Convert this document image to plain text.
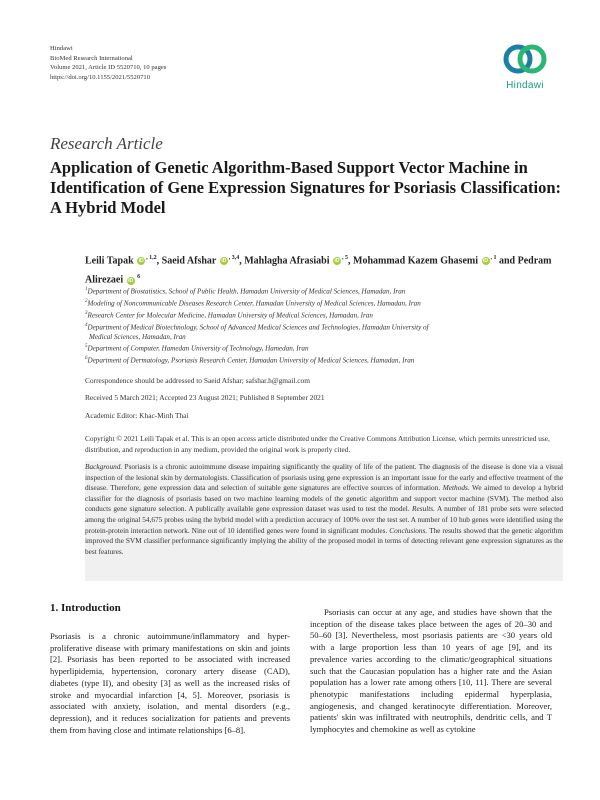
Hindawi
BioMed Research International
Volume 2021, Article ID 5520710, 10 pages
https://doi.org/10.1155/2021/5520710
Hindawi
Research Article
Application of Genetic Algorithm-Based Support Vector Machine in Identification of Gene Expression Signatures for Psoriasis Classification: A Hybrid Model
Leili Tapak $iD^{, 1,2}$, Saeid Afshar $iD^{, 3,4}$, Mahlagha Afrasiabi $iD^{, 5}$, Mohammad Kazem Ghasemi $iD^{, 1}$ and Pedram Alirezaei iD $^6$
$^1$Department of Biostatistics, School of Public Health, Hamadan University of Medical Sciences, Hamadan, Iran
$^2$Modeling of Noncommunicable Diseases Research Center, Hamadan University of Medical Sciences, Hamadan, Iran
$^3$Research Center for Molecular Medicine, Hamadan University of Medical Sciences, Hamadan, Iran
$^4$Department of Medical Biotechnology, School of Advanced Medical Sciences and Technologies, Hamadan University of
Medical Sciences, Hamadan, Iran
$^5$Department of Computer, Hamedan University of Technology, Hamedan, Iran
$^6$Department of Dermatology, Psoriasis Research Center, Hamadan University of Medical Sciences, Hamadan, Iran
Correspondence should be addressed to Saeid Afshar; safshar.h@gmail.com
Received 5 March 2021; Accepted 23 August 2021; Published 8 September 2021
Academic Editor: Khac-Minh Thai
Copyright © 2021 Leili Tapak et al. This is an open access article distributed under the Creative Commons Attribution License, which permits unrestricted use, distribution, and reproduction in any medium, provided the original work is properly cited.
Background. Psoriasis is a chronic autoimmune disease impairing significantly the quality of life of the patient. The diagnosis of the disease is done via a visual inspection of the lesional skin by dermatologists. Classification of psoriasis using gene expression is an important issue for the early and effective treatment of the disease. Therefore, gene expression data and selection of suitable gene signatures are effective sources of information. Methods. We aimed to develop a hybrid classifier for the diagnosis of psoriasis based on two machine learning models of the genetic algorithm and support vector machine (SVM). The method also conducts gene signature selection. A publically available gene expression dataset was used to test the model. Results. A number of 181 probe sets were selected among the original 54,675 probes using the hybrid model with a prediction accuracy of 100% over the test set. A number of 10 hub genes were identified using the protein-protein interaction network. Nine out of 10 identified genes were found in significant modules. Conclusions. The results showed that the genetic algorithm improved the SVM classifier performance significantly implying the ability of the proposed model in terms of detecting relevant gene expression signatures as the best features.
1. Introduction
Psoriasis is a chronic autoimmune/inflammatory and hyper-proliferative disease with primary manifestations on skin and joints [2]. Psoriasis has been reported to be associated with increased hyperlipidemia, hypertension, coronary artery disease (CAD), diabetes (type II), and obesity [3] as well as the increased risks of stroke and myocardial infarction [4, 5]. Moreover, psoriasis is associated with anxiety, isolation, and mental disorders (e.g., depression), and it reduces socialization for patients and prevents them from having close and intimate relationships [6–8].
Psoriasis can occur at any age, and studies have shown that the inception of the disease takes place between the ages of 20–30 and 50–60 [3]. Nevertheless, most psoriasis patients are <30 years old with a large proportion less than 10 years of age [9], and its prevalence varies according to the climatic/geographical situations such that the Caucasian population has a higher rate and the Asian population has a lower rate among others [10, 11]. There are several phenotypic manifestations including epidermal hyperplasia, angiogenesis, and changed keratinocyte differentiation. Moreover, patients' skin was infiltrated with neutrophils, dendritic cells, and T lymphocytes and chemokine as well as cytokine
